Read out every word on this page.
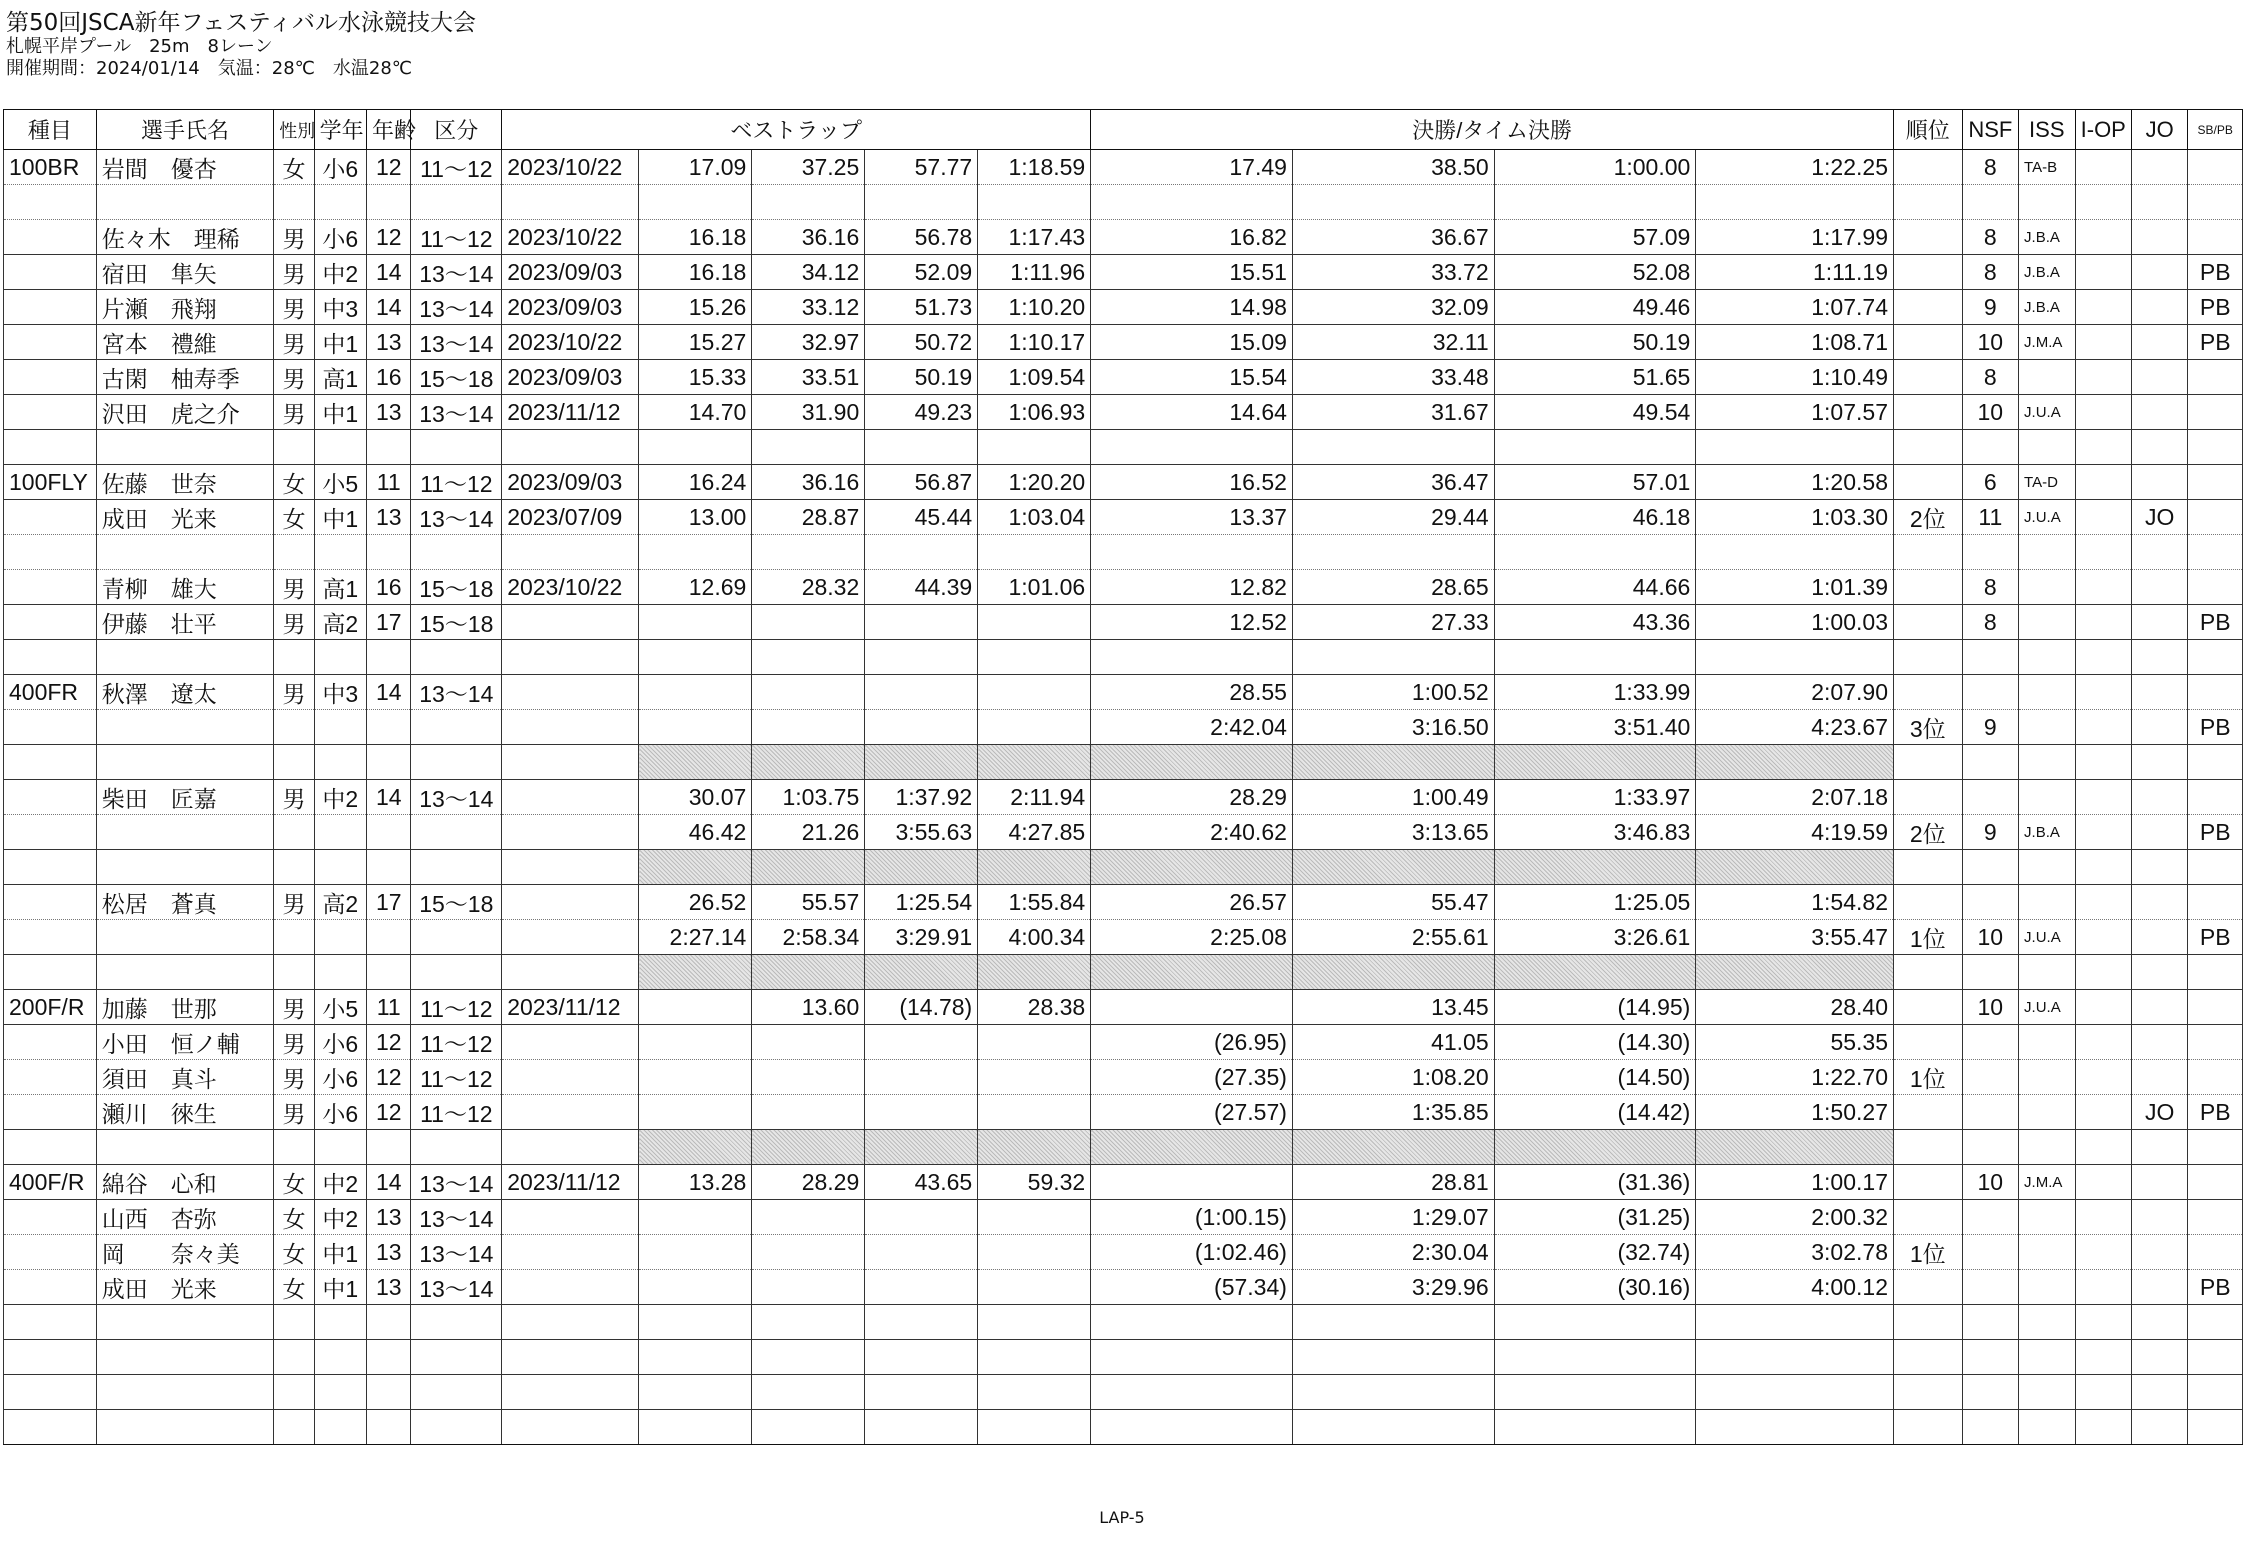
第50回JSCA新年フェスティバル水泳競技大会
札幌平岸プール　25m　8レーン
開催期間：2024/01/14　気温：28℃　水温28℃
種目	選手氏名	性別	学年	年齢	区分	ベストラップ					決勝/タイム決勝				順位	NSF	ISS	I-OP	JO	SB/PB
100BR	岩間　優杏	女	小6	12	11～12	2023/10/22	17.09	37.25	57.77	1:18.59	17.49	38.50	1:00.00	1:22.25		8	TA-B			

	佐々木　理稀	男	小6	12	11～12	2023/10/22	16.18	36.16	56.78	1:17.43	16.82	36.67	57.09	1:17.99		8	J.B.A			
	宿田　隼矢	男	中2	14	13～14	2023/09/03	16.18	34.12	52.09	1:11.96	15.51	33.72	52.08	1:11.19		8	J.B.A			PB
	片瀬　飛翔	男	中3	14	13～14	2023/09/03	15.26	33.12	51.73	1:10.20	14.98	32.09	49.46	1:07.74		9	J.B.A			PB
	宮本　禮維	男	中1	13	13～14	2023/10/22	15.27	32.97	50.72	1:10.17	15.09	32.11	50.19	1:08.71		10	J.M.A			PB
	古閑　柚寿季	男	高1	16	15～18	2023/09/03	15.33	33.51	50.19	1:09.54	15.54	33.48	51.65	1:10.49		8				
	沢田　虎之介	男	中1	13	13～14	2023/11/12	14.70	31.90	49.23	1:06.93	14.64	31.67	49.54	1:07.57		10	J.U.A			

100FLY	佐藤　世奈	女	小5	11	11～12	2023/09/03	16.24	36.16	56.87	1:20.20	16.52	36.47	57.01	1:20.58		6	TA-D			
	成田　光来	女	中1	13	13～14	2023/07/09	13.00	28.87	45.44	1:03.04	13.37	29.44	46.18	1:03.30	2位	11	J.U.A		JO	

	青柳　雄大	男	高1	16	15～18	2023/10/22	12.69	28.32	44.39	1:01.06	12.82	28.65	44.66	1:01.39		8				
	伊藤　壮平	男	高2	17	15～18						12.52	27.33	43.36	1:00.03		8				PB

400FR	秋澤　遼太	男	中3	14	13～14						28.55	1:00.52	1:33.99	2:07.90						
											2:42.04	3:16.50	3:51.40	4:23.67	3位	9				PB

	柴田　匠嘉	男	中2	14	13～14		30.07	1:03.75	1:37.92	2:11.94	28.29	1:00.49	1:33.97	2:07.18						
							46.42	21.26	3:55.63	4:27.85	2:40.62	3:13.65	3:46.83	4:19.59	2位	9	J.B.A			PB

	松居　蒼真	男	高2	17	15～18		26.52	55.57	1:25.54	1:55.84	26.57	55.47	1:25.05	1:54.82						
							2:27.14	2:58.34	3:29.91	4:00.34	2:25.08	2:55.61	3:26.61	3:55.47	1位	10	J.U.A			PB

200F/R	加藤　世那	男	小5	11	11～12	2023/11/12		13.60	(14.78)	28.38		13.45	(14.95)	28.40		10	J.U.A			
	小田　恒ノ輔	男	小6	12	11～12						(26.95)	41.05	(14.30)	55.35						
	須田　真斗	男	小6	12	11～12						(27.35)	1:08.20	(14.50)	1:22.70	1位					
	瀬川　徠生	男	小6	12	11～12						(27.57)	1:35.85	(14.42)	1:50.27					JO	PB

400F/R	綿谷　心和	女	中2	14	13～14	2023/11/12	13.28	28.29	43.65	59.32		28.81	(31.36)	1:00.17		10	J.M.A			
	山西　杏弥	女	中2	13	13～14						(1:00.15)	1:29.07	(31.25)	2:00.32						
	岡　　奈々美	女	中1	13	13～14						(1:02.46)	2:30.04	(32.74)	3:02.78	1位					
	成田　光来	女	中1	13	13～14						(57.34)	3:29.96	(30.16)	4:00.12						PB

LAP-5
